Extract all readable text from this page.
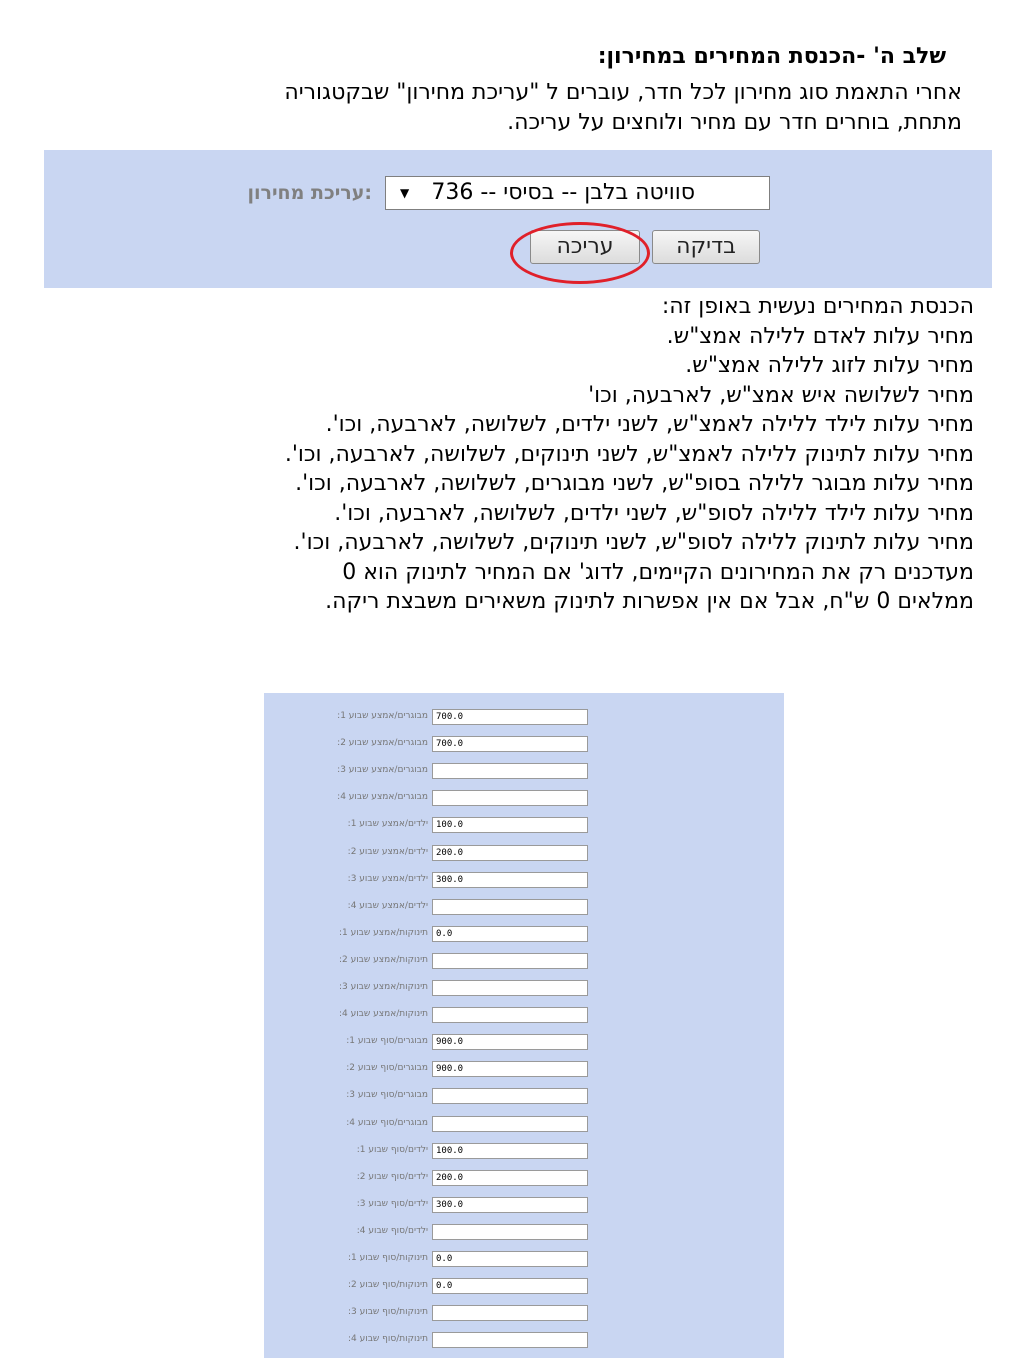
שלב ה' -הכנסת המחירים במחירון:
אחרי התאמת סוג מחירון לכל חדר, עוברים ל "עריכת מחירון" שבקטגוריה
מתחת, בוחרים חדר עם מחיר ולוחצים על עריכה.
:עריכת מחירון	סוויטה בלבן -- בסיסי -- 736
▼
בדיקה
עריכה
הכנסת המחירים נעשית באופן זה:
מחיר עלות לאדם ללילה אמצ"ש.
מחיר עלות לזוג ללילה אמצ"ש.
מחיר לשלושה איש אמצ"ש, לארבעה, וכו'
מחיר עלות לילד ללילה לאמצ"ש, לשני ילדים, לשלושה, לארבעה, וכו'.
מחיר עלות לתינוק ללילה לאמצ"ש, לשני תינוקים, לשלושה, לארבעה, וכו'.
מחיר עלות מבוגר ללילה בסופ"ש, לשני מבוגרים, לשלושה, לארבעה, וכו'.
מחיר עלות לילד ללילה לסופ"ש, לשני ילדים, לשלושה, לארבעה, וכו'.
מחיר עלות לתינוק ללילה לסופ"ש, לשני תינוקים, לשלושה, לארבעה, וכו'.
מעדכנים רק את המחירונים הקיימים, לדוג' אם המחיר לתינוק הוא 0
ממלאים 0 ש"ח, אבל אם אין אפשרות לתינוק משאירים משבצת ריקה.
מבוגרים/אמצע שבוע 1: 700.0
מבוגרים/אמצע שבוע 2: 700.0
מבוגרים/אמצע שבוע 3:
מבוגרים/אמצע שבוע 4:
ילדים/אמצע שבוע 1: 100.0
ילדים/אמצע שבוע 2: 200.0
ילדים/אמצע שבוע 3: 300.0
ילדים/אמצע שבוע 4:
תינוקות/אמצע שבוע 1: 0.0
תינוקות/אמצע שבוע 2:
תינוקות/אמצע שבוע 3:
תינוקות/אמצע שבוע 4:
מבוגרים/סוף שבוע 1: 900.0
מבוגרים/סוף שבוע 2: 900.0
מבוגרים/סוף שבוע 3:
מבוגרים/סוף שבוע 4:
ילדים/סוף שבוע 1: 100.0
ילדים/סוף שבוע 2: 200.0
ילדים/סוף שבוע 3: 300.0
ילדים/סוף שבוע 4:
תינוקות/סוף שבוע 1: 0.0
תינוקות/סוף שבוע 2: 0.0
תינוקות/סוף שבוע 3:
תינוקות/סוף שבוע 4:
